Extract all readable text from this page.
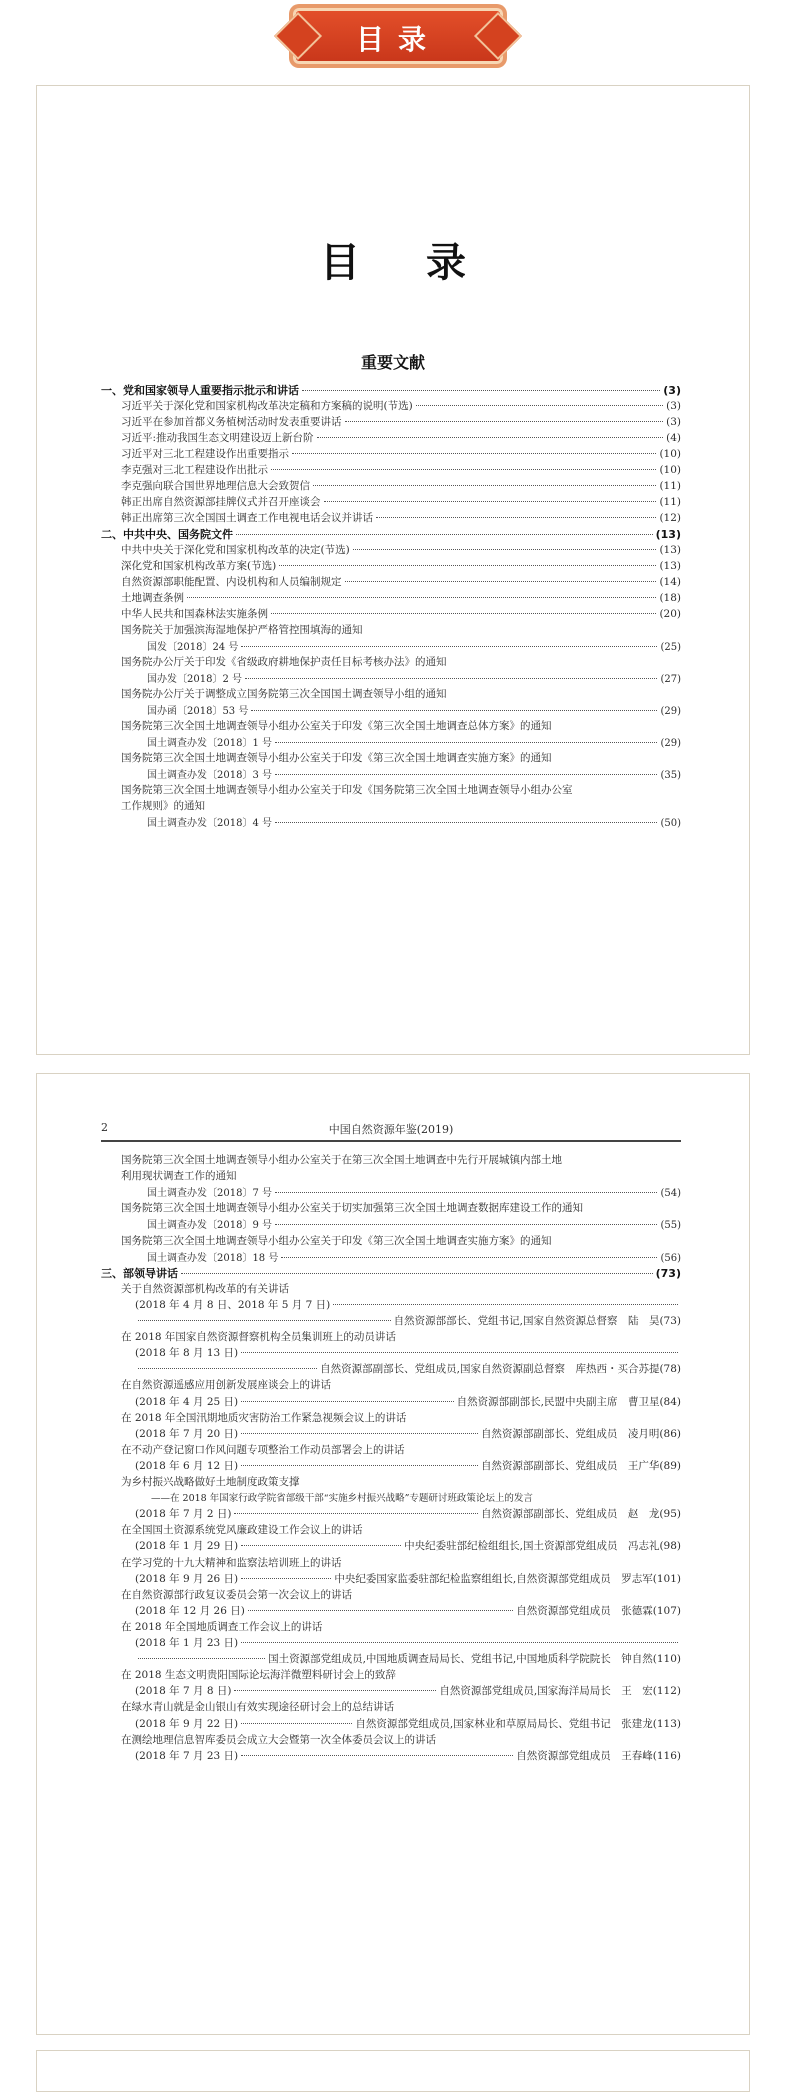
目录
目 录
重要文献
一、党和国家领导人重要指示批示和讲话	(3)
习近平关于深化党和国家机构改革决定稿和方案稿的说明(节选)	(3)
习近平在参加首都义务植树活动时发表重要讲话	(3)
习近平:推动我国生态文明建设迈上新台阶	(4)
习近平对三北工程建设作出重要指示	(10)
李克强对三北工程建设作出批示	(10)
李克强向联合国世界地理信息大会致贺信	(11)
韩正出席自然资源部挂牌仪式并召开座谈会	(11)
韩正出席第三次全国国土调查工作电视电话会议并讲话	(12)
二、中共中央、国务院文件	(13)
中共中央关于深化党和国家机构改革的决定(节选)	(13)
深化党和国家机构改革方案(节选)	(13)
自然资源部职能配置、内设机构和人员编制规定	(14)
土地调查条例	(18)
中华人民共和国森林法实施条例	(20)
国务院关于加强滨海湿地保护严格管控围填海的通知
国发〔2018〕24 号	(25)
国务院办公厅关于印发《省级政府耕地保护责任目标考核办法》的通知
国办发〔2018〕2 号	(27)
国务院办公厅关于调整成立国务院第三次全国国土调查领导小组的通知
国办函〔2018〕53 号	(29)
国务院第三次全国土地调查领导小组办公室关于印发《第三次全国土地调查总体方案》的通知
国土调查办发〔2018〕1 号	(29)
国务院第三次全国土地调查领导小组办公室关于印发《第三次全国土地调查实施方案》的通知
国土调查办发〔2018〕3 号	(35)
国务院第三次全国土地调查领导小组办公室关于印发《国务院第三次全国土地调查领导小组办公室
工作规则》的通知
国土调查办发〔2018〕4 号	(50)
2	中国自然资源年鉴(2019)
国务院第三次全国土地调查领导小组办公室关于在第三次全国土地调查中先行开展城镇内部土地
利用现状调查工作的通知
国土调查办发〔2018〕7 号	(54)
国务院第三次全国土地调查领导小组办公室关于切实加强第三次全国土地调查数据库建设工作的通知
国土调查办发〔2018〕9 号	(55)
国务院第三次全国土地调查领导小组办公室关于印发《第三次全国土地调查实施方案》的通知
国土调查办发〔2018〕18 号	(56)
三、部领导讲话	(73)
关于自然资源部机构改革的有关讲话
(2018 年 4 月 8 日、2018 年 5 月 7 日)
自然资源部部长、党组书记,国家自然资源总督察　陆　昊(73)
在 2018 年国家自然资源督察机构全员集训班上的动员讲话
(2018 年 8 月 13 日)
自然资源部副部长、党组成员,国家自然资源副总督察　库热西・买合苏提(78)
在自然资源遥感应用创新发展座谈会上的讲话
(2018 年 4 月 25 日)	自然资源部副部长,民盟中央副主席　曹卫星(84)
在 2018 年全国汛期地质灾害防治工作紧急视频会议上的讲话
(2018 年 7 月 20 日)	自然资源部副部长、党组成员　凌月明(86)
在不动产登记窗口作风问题专项整治工作动员部署会上的讲话
(2018 年 6 月 12 日)	自然资源部副部长、党组成员　王广华(89)
为乡村振兴战略做好土地制度政策支撑
——在 2018 年国家行政学院省部级干部“实施乡村振兴战略”专题研讨班政策论坛上的发言
(2018 年 7 月 2 日)	自然资源部副部长、党组成员　赵　龙(95)
在全国国土资源系统党风廉政建设工作会议上的讲话
(2018 年 1 月 29 日)	中央纪委驻部纪检组组长,国土资源部党组成员　冯志礼(98)
在学习党的十九大精神和监察法培训班上的讲话
(2018 年 9 月 26 日)	中央纪委国家监委驻部纪检监察组组长,自然资源部党组成员　罗志军(101)
在自然资源部行政复议委员会第一次会议上的讲话
(2018 年 12 月 26 日)	自然资源部党组成员　张德霖(107)
在 2018 年全国地质调查工作会议上的讲话
(2018 年 1 月 23 日)
国土资源部党组成员,中国地质调查局局长、党组书记,中国地质科学院院长　钟自然(110)
在 2018 生态文明贵阳国际论坛海洋微塑料研讨会上的致辞
(2018 年 7 月 8 日)	自然资源部党组成员,国家海洋局局长　王　宏(112)
在绿水青山就是金山银山有效实现途径研讨会上的总结讲话
(2018 年 9 月 22 日)	自然资源部党组成员,国家林业和草原局局长、党组书记　张建龙(113)
在测绘地理信息智库委员会成立大会暨第一次全体委员会议上的讲话
(2018 年 7 月 23 日)	自然资源部党组成员　王春峰(116)
